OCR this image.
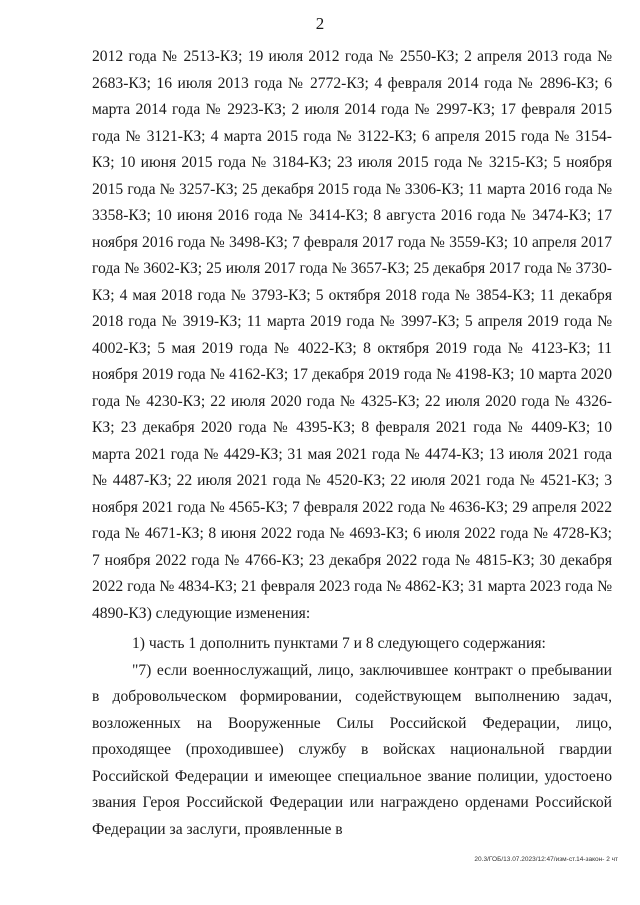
2

2012 года № 2513-КЗ; 19 июля 2012 года № 2550-КЗ; 2 апреля 2013 года № 2683-КЗ; 16 июля 2013 года № 2772-КЗ; 4 февраля 2014 года № 2896-КЗ; 6 марта 2014 года № 2923-КЗ; 2 июля 2014 года № 2997-КЗ; 17 февраля 2015 года № 3121-КЗ; 4 марта 2015 года № 3122-КЗ; 6 апреля 2015 года № 3154-КЗ; 10 июня 2015 года № 3184-КЗ; 23 июля 2015 года № 3215-КЗ; 5 ноября 2015 года № 3257-КЗ; 25 декабря 2015 года № 3306-КЗ; 11 марта 2016 года № 3358-КЗ; 10 июня 2016 года № 3414-КЗ; 8 августа 2016 года № 3474-КЗ; 17 ноября 2016 года № 3498-КЗ; 7 февраля 2017 года № 3559-КЗ; 10 апреля 2017 года № 3602-КЗ; 25 июля 2017 года № 3657-КЗ; 25 декабря 2017 года № 3730-КЗ; 4 мая 2018 года № 3793-КЗ; 5 октября 2018 года № 3854-КЗ; 11 декабря 2018 года № 3919-КЗ; 11 марта 2019 года № 3997-КЗ; 5 апреля 2019 года № 4002-КЗ; 5 мая 2019 года № 4022-КЗ; 8 октября 2019 года № 4123-КЗ; 11 ноября 2019 года № 4162-КЗ; 17 декабря 2019 года № 4198-КЗ; 10 марта 2020 года № 4230-КЗ; 22 июля 2020 года № 4325-КЗ; 22 июля 2020 года № 4326-КЗ; 23 декабря 2020 года № 4395-КЗ; 8 февраля 2021 года № 4409-КЗ; 10 марта 2021 года № 4429-КЗ; 31 мая 2021 года № 4474-КЗ; 13 июля 2021 года № 4487-КЗ; 22 июля 2021 года № 4520-КЗ; 22 июля 2021 года № 4521-КЗ; 3 ноября 2021 года № 4565-КЗ; 7 февраля 2022 года № 4636-КЗ; 29 апреля 2022 года № 4671-КЗ; 8 июня 2022 года № 4693-КЗ; 6 июля 2022 года № 4728-КЗ; 7 ноября 2022 года № 4766-КЗ; 23 декабря 2022 года № 4815-КЗ; 30 декабря 2022 года № 4834-КЗ; 21 февраля 2023 года № 4862-КЗ; 31 марта 2023 года № 4890-КЗ) следующие изменения:

1) часть 1 дополнить пунктами 7 и 8 следующего содержания:

"7) если военнослужащий, лицо, заключившее контракт о пребывании в добровольческом формировании, содействующем выполнению задач, возложенных на Вооруженные Силы Российской Федерации, лицо, проходящее (проходившее) службу в войсках национальной гвардии Российской Федерации и имеющее специальное звание полиции, удостоено звания Героя Российской Федерации или награждено орденами Российской Федерации за заслуги, проявленные в

20.3/ГОБ/13.07.2023/12:47/изм-ст.14-закон- 2 чт
